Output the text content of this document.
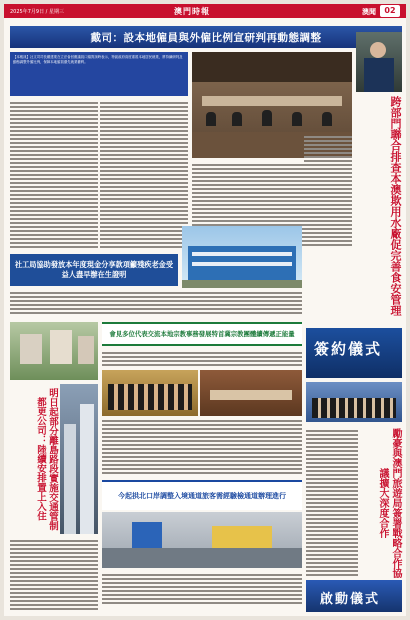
2025年7月9日 / 星期三	澳門時報	澳聞	02
戴司：設本地僱員與外僱比例宣研判再動態調整
【本報訊】社文司司長戴建業在立法會回應議員口頭質詢時表示，特區政府高度重視本地居民就業，將持續研判及動態調整外僱比例，保障本地僱員優先就業權利。
跨部門聯合排查本澳欺用水廠促完善食安管理
社工局協助發放本年度現金分享款項籲殘疾老金受益人盡早辦在生證明
明日起部分離島路段實施交通管制 都更公司：陸續安排置上入住
會見多位代表交流本地宗教事務發展特首冀宗教團體續傳遞正能量
今起拱北口岸調整入境通道旅客需經驗檢通道辦理進行
簽約儀式
勵豪與澳門旅遊局簽署戰略合作協議擴大深度合作
啟動儀式
